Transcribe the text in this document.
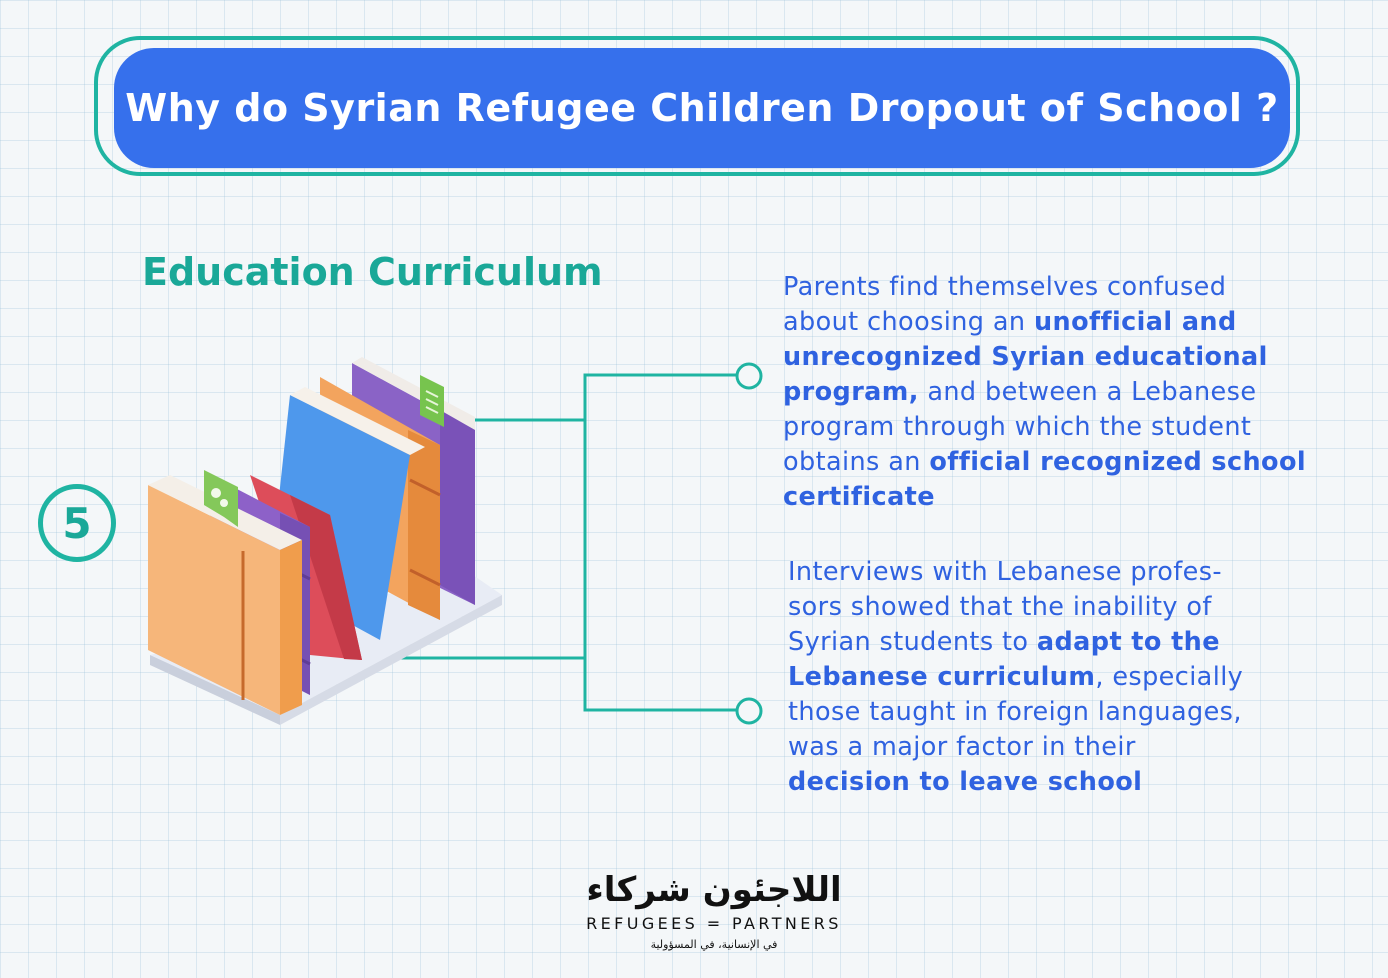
Why do Syrian Refugee Children Dropout of School ?
Education Curriculum
5
Parents find themselves confused
about choosing an unofficial and
unrecognized Syrian educational
program, and between a Lebanese
program through which the student
obtains an official recognized school
certificate
Interviews with Lebanese profes-
sors showed that the inability of
Syrian students to adapt to the
Lebanese curriculum, especially
those taught in foreign languages,
was a major factor in their
decision to leave school
اللاجئون شركاء
REFUGEES = PARTNERS
في الإنسانية، في المسؤولية
